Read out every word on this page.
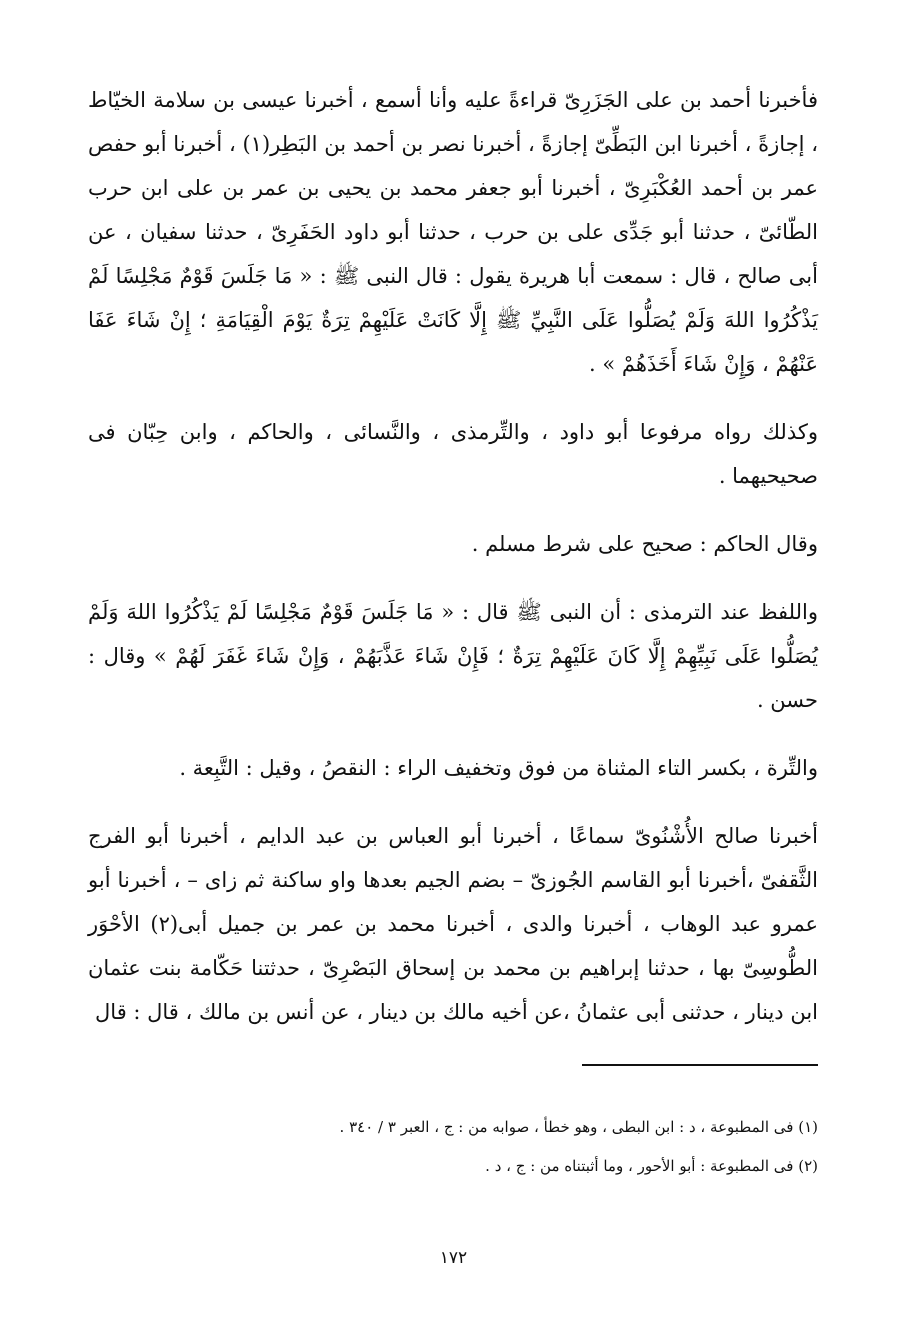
فأخبرنا أحمد بن على الجَزَرِىّ قراءةً عليه وأنا أسمع ، أخبرنا عيسى بن سلامة الخيّاط ، إجازةً ، أخبرنا ابن البَطِّىّ إجازةً ، أخبرنا نصر بن أحمد بن البَطِر(١) ، أخبرنا أبو حفص عمر بن أحمد العُكْبَرِىّ ، أخبرنا أبو جعفر محمد بن يحيى بن عمر بن على ابن حرب الطّائىّ ، حدثنا أبو جَدِّى على بن حرب ، حدثنا أبو داود الحَفَرِىّ ، حدثنا سفيان ، عن أبى صالح ، قال : سمعت أبا هريرة يقول : قال النبى ﷺ : « مَا جَلَسَ قَوْمٌ مَجْلِسًا لَمْ يَذْكُرُوا اللهَ وَلَمْ يُصَلُّوا عَلَى النَّبِيِّ ﷺ إِلَّا كَانَتْ عَلَيْهِمْ تِرَةٌ يَوْمَ الْقِيَامَةِ ؛ إِنْ شَاءَ عَفَا عَنْهُمْ ، وَإِنْ شَاءَ أَخَذَهُمْ » .

وكذلك رواه مرفوعا أبو داود ، والتِّرمذى ، والنَّسائى ، والحاكم ، وابن حِبّان فى صحيحيهما .

وقال الحاكم : صحيح على شرط مسلم .

واللفظ عند الترمذى : أن النبى ﷺ قال : « مَا جَلَسَ قَوْمٌ مَجْلِسًا لَمْ يَذْكُرُوا اللهَ وَلَمْ يُصَلُّوا عَلَى نَبِيِّهِمْ إِلَّا كَانَ عَلَيْهِمْ تِرَةٌ ؛ فَإِنْ شَاءَ عَذَّبَهُمْ ، وَإِنْ شَاءَ غَفَرَ لَهُمْ » وقال : حسن .

والتِّرة ، بكسر التاء المثناة من فوق وتخفيف الراء : النقصُ ، وقيل : التَّبِعة .

أخبرنا صالح الأُشْنُوىّ سماعًا ، أخبرنا أبو العباس بن عبد الدايم ، أخبرنا أبو الفرج الثَّقفىّ ،أخبرنا أبو القاسم الجُوزىّ – بضم الجيم بعدها واو ساكنة ثم زاى – ، أخبرنا أبو عمرو عبد الوهاب ، أخبرنا والدى ، أخبرنا محمد بن عمر بن جميل أبى(٢) الأحْوَر الطُّوسِىّ بها ، حدثنا إبراهيم بن محمد بن إسحاق البَصْرِىّ ، حدثتنا حَكّامة بنت عثمان ابن دينار ، حدثنى أبى عثمانُ ،عن أخيه مالك بن دينار ، عن أنس بن مالك ، قال : قال

(١) فى المطبوعة ، د : ابن البطى ، وهو خطأ ، صوابه من : ج ، العبر ٣ / ٣٤٠ .

(٢) فى المطبوعة : أبو الأحور ، وما أثبتناه من : ج ، د .

١٧٢
